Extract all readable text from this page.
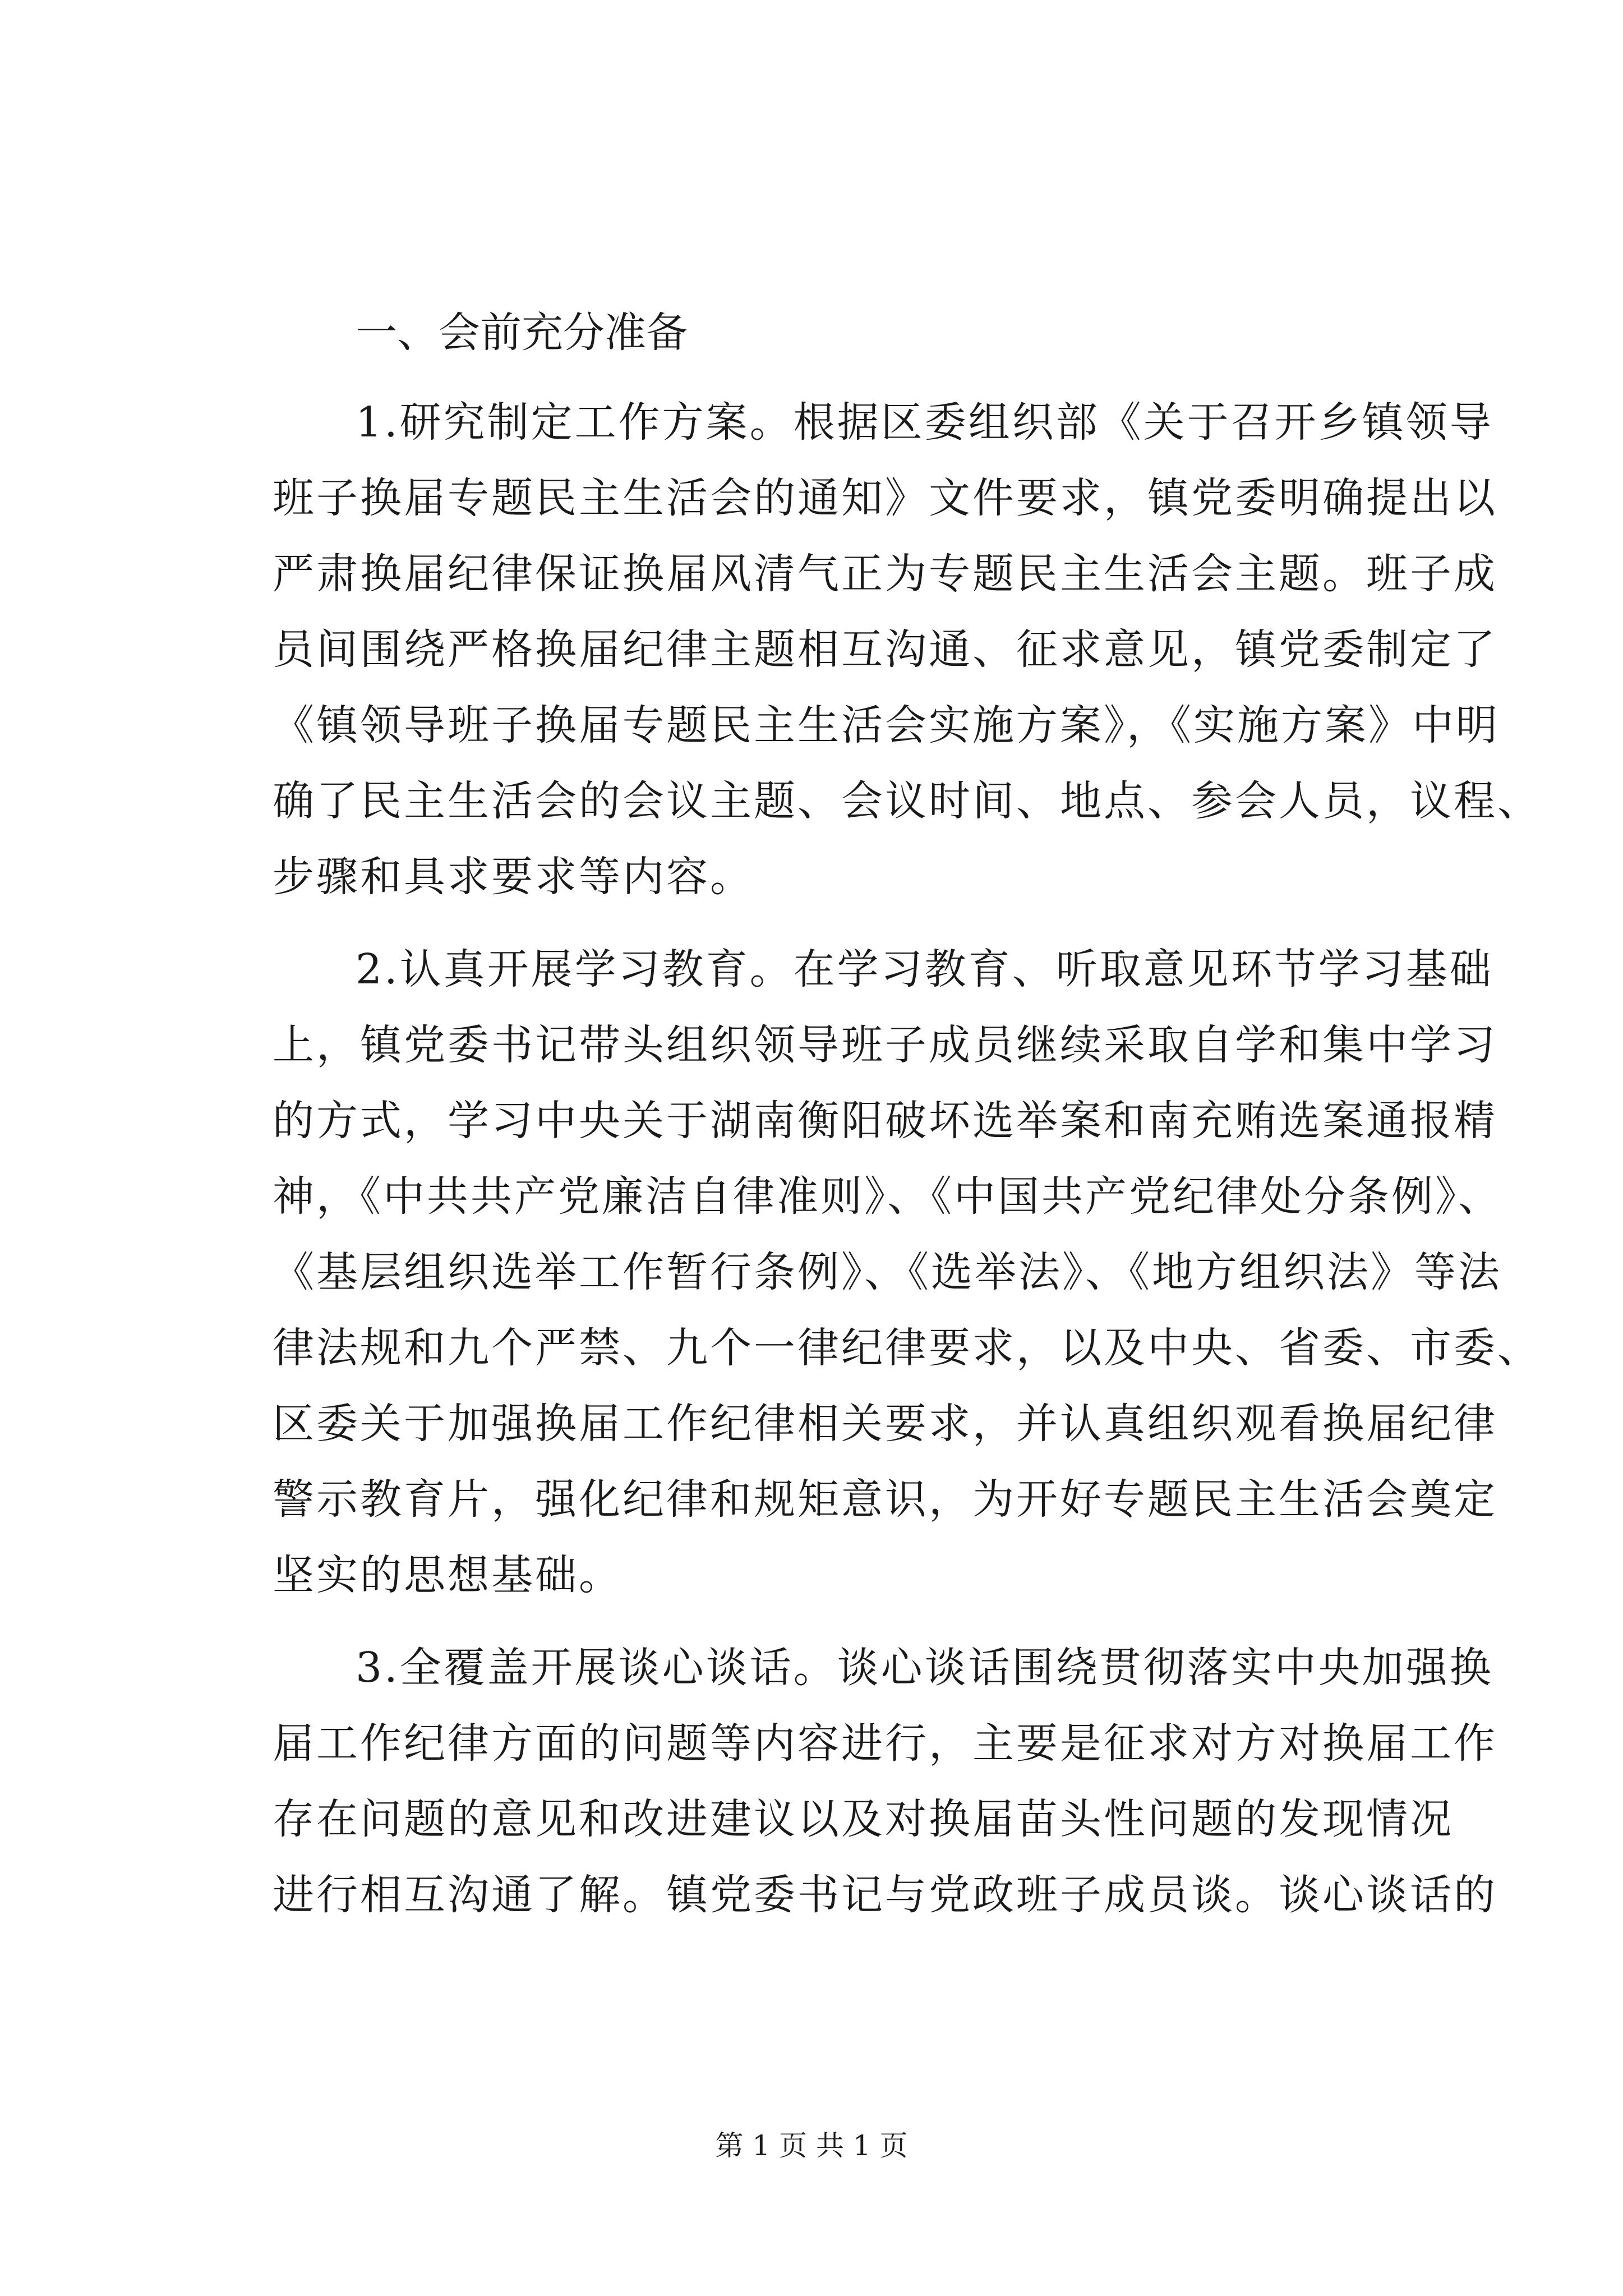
一、会前充分准备
1.研究制定工作方案。根据区委组织部《关于召开乡镇领导
班子换届专题民主生活会的通知》文件要求，镇党委明确提出以
严肃换届纪律保证换届风清气正为专题民主生活会主题。班子成
员间围绕严格换届纪律主题相互沟通、征求意见，镇党委制定了
《镇领导班子换届专题民主生活会实施方案》，《实施方案》中明
确了民主生活会的会议主题、会议时间、地点、参会人员，议程、
步骤和具求要求等内容。
2.认真开展学习教育。在学习教育、听取意见环节学习基础
上，镇党委书记带头组织领导班子成员继续采取自学和集中学习
的方式，学习中央关于湖南衡阳破坏选举案和南充贿选案通报精
神，《中共共产党廉洁自律准则》、《中国共产党纪律处分条例》、
《基层组织选举工作暂行条例》、《选举法》、《地方组织法》等法
律法规和九个严禁、九个一律纪律要求，以及中央、省委、市委、
区委关于加强换届工作纪律相关要求，并认真组织观看换届纪律
警示教育片，强化纪律和规矩意识，为开好专题民主生活会奠定
坚实的思想基础。
3.全覆盖开展谈心谈话。谈心谈话围绕贯彻落实中央加强换
届工作纪律方面的问题等内容进行，主要是征求对方对换届工作
存在问题的意见和改进建议以及对换届苗头性问题的发现情况
进行相互沟通了解。镇党委书记与党政班子成员谈。谈心谈话的
第 1 页 共 1 页
